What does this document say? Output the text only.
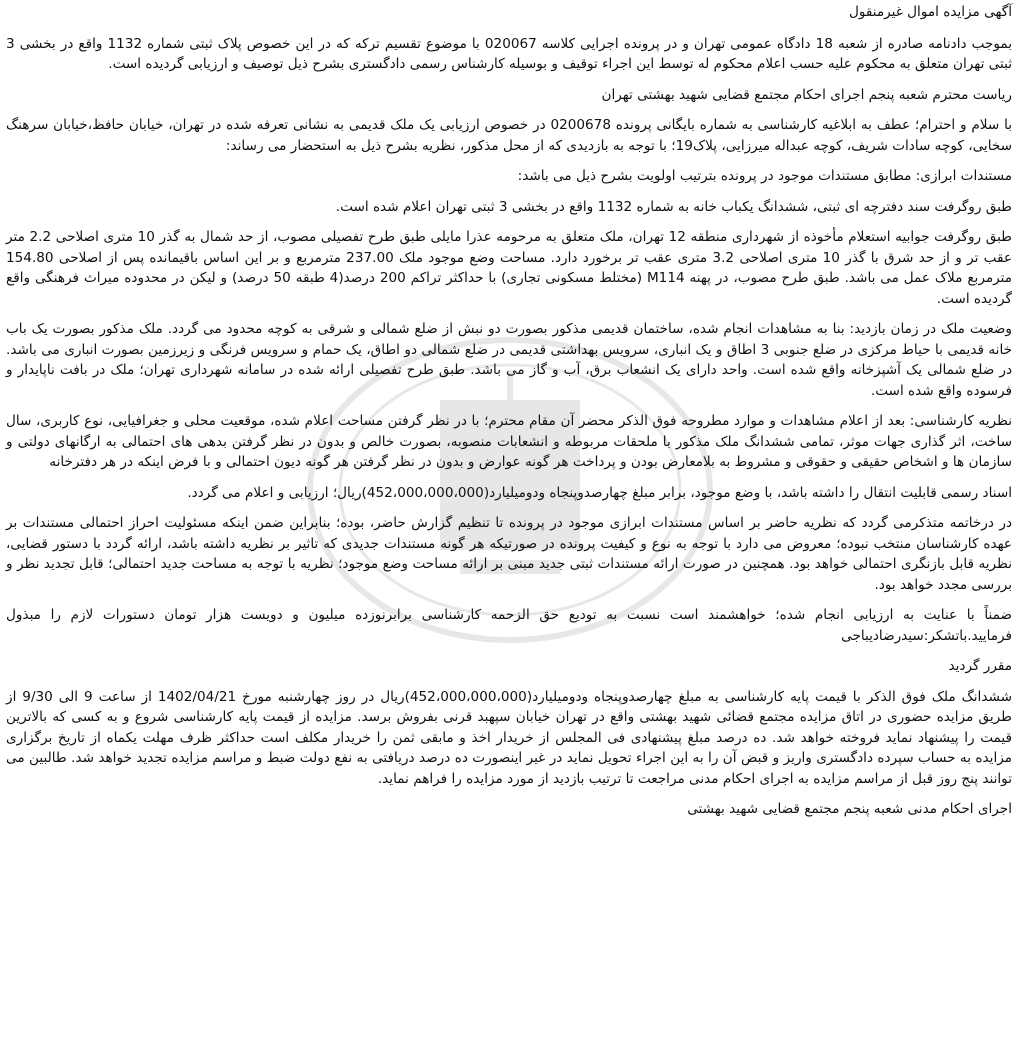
آگهی مزایده اموال غیرمنقول

بموجب دادنامه صادره از شعبه 18 دادگاه عمومی تهران و در پرونده اجرایی کلاسه 020067 با موضوع تقسیم ترکه که در این خصوص پلاک ثبتی شماره 1132 واقع در بخشی 3 ثبتی تهران متعلق به محکوم علیه حسب اعلام محکوم له توسط این اجراء توقیف و بوسیله کارشناس رسمی دادگستری بشرح ذیل توصیف و ارزیابی گردیده است.

ریاست محترم شعبه پنجم اجرای احکام مجتمع قضایی شهید بهشتی تهران

با سلام و احترام؛ عطف به ابلاغیه کارشناسی به شماره بایگانی پرونده 0200678 در خصوص ارزیابی یک ملک قدیمی به نشانی تعرفه شده در تهران، خیابان حافظ،خیابان سرهنگ سخایی، کوچه سادات شریف، کوچه عبداله میرزایی، پلاک19؛ با توجه به بازدیدی که از محل مذکور، نظریه بشرح ذیل به استحضار می رساند:

مستندات ابرازی: مطابق مستندات موجود در پرونده بترتیب اولویت بشرح ذیل می باشد:

طبق روگرفت سند دفترچه ای ثبتی، ششدانگ یکباب خانه به شماره 1132 واقع در بخشی 3 ثبتی تهران اعلام شده است.

طبق روگرفت جوابیه استعلام مأخوذه از شهرداری منطقه 12 تهران، ملک متعلق به مرحومه عذرا مایلی طبق طرح تفصیلی مصوب، از حد شمال به گذر 10 متری اصلاحی 2.2 متر عقب تر و از حد شرق با گذر 10 متری اصلاحی 3.2 متری عقب تر برخورد دارد. مساحت وضع موجود ملک 237.00 مترمربع و بر این اساس باقیمانده پس از اصلاحی 154.80 مترمربع ملاک عمل می باشد. طبق طرح مصوب، در پهنه M114 (مختلط مسکونی تجاری) با حداکثر تراکم 200 درصد(4 طبقه 50 درصد) و لیکن در محدوده میراث فرهنگی واقع گردیده است.

وضعیت ملک در زمان بازدید: بنا به مشاهدات انجام شده، ساختمان قدیمی مذکور بصورت دو نبش از ضلع شمالی و شرقی به کوچه محدود می گردد. ملک مذکور بصورت یک باب خانه قدیمی با حیاط مرکزی در ضلع جنوبی 3 اطاق و یک انباری، سرویس بهداشتی قدیمی در ضلع شمالی دو اطاق، یک حمام و سرویس فرنگی و زیرزمین بصورت انباری می باشد. در ضلع شمالی یک آشپزخانه واقع شده است. واحد دارای یک انشعاب برق، آب و گاز می باشد. طبق طرح تفصیلی ارائه شده در سامانه شهرداری تهران؛ ملک در بافت ناپایدار و فرسوده واقع شده است.

نظریه کارشناسی: بعد از اعلام مشاهدات و موارد مطروحه فوق الذکر محضر آن مقام محترم؛ با در نظر گرفتن مساحت اعلام شده، موقعیت محلی و جغرافیایی، نوع کاربری، سال ساخت، اثر گذاری جهات موثر، تمامی ششدانگ ملک مذکور با ملحقات مربوطه و انشعابات منصوبه، بصورت خالص و بدون در نظر گرفتن بدهی های احتمالی به ارگانهای دولتی و سازمان ها و اشخاص حقیقی و حقوقی و مشروط به بلامعارض بودن و پرداخت هر گونه عوارض و بدون در نظر گرفتن هر گونه دیون احتمالی و با فرض اینکه در هر دفترخانه

اسناد رسمی قابلیت انتقال را داشته باشد، با وضع موجود، برابر مبلغ چهارصدوپنجاه ودومیلیارد(452،000،000،000)ریال؛ ارزیابی و اعلام می گردد.

در درخاتمه متذکرمی گردد که نظریه حاضر بر اساس مستندات ابرازی موجود در پرونده تا تنظیم گزارش حاضر، بوده؛ بنابراین ضمن اینکه مسئولیت احراز احتمالی مستندات بر عهده کارشناسان منتخب نبوده؛ معروض می دارد با توجه به نوع و کیفیت پرونده در صورتیکه هر گونه مستندات جدیدی که تاثیر بر نظریه داشته باشد، ارائه گردد با دستور قضایی، نظریه قابل بازنگری احتمالی خواهد بود. همچنین در صورت ارائه مستندات ثبتی جدید مبنی بر ارائه مساحت وضع موجود؛ نظریه با توجه به مساحت جدید احتمالی؛ قابل تجدید نظر و بررسی مجدد خواهد بود.

ضمناً با عنایت به ارزیابی انجام شده؛ خواهشمند است نسبت به تودیع حق الزحمه کارشناسی برابرنوزده میلیون و دویست هزار تومان دستورات لازم را مبذول فرمایید.باتشکر:سیدرضادیباجی

مقرر گردید

ششدانگ ملک فوق الذکر با قیمت پایه کارشناسی به مبلغ چهارصدوپنجاه ودومیلیارد(452،000،000،000)ریال در روز چهارشنبه مورخ 1402/04/21 از ساعت 9 الی 9/30 از طریق مزایده حضوری در اتاق مزایده مجتمع قضائی شهید بهشتی واقع در تهران خیابان سپهبد قرنی بفروش برسد. مزایده از قیمت پایه کارشناسی شروع و به کسی که بالاترین قیمت را پیشنهاد نماید فروخته خواهد شد. ده درصد مبلغ پیشنهادی فی المجلس از خریدار اخذ و مابقی ثمن را خریدار مکلف است حداکثر ظرف مهلت یکماه از تاریخ برگزاری مزایده به حساب سپرده دادگستری واریز و قبض آن را به این اجراء تحویل نماید در غیر اینصورت ده درصد دریافتی به نفع دولت ضبط و مراسم مزایده تجدید خواهد شد. طالبین می توانند پنج روز قبل از مراسم مزایده به اجرای احکام مدنی مراجعت تا ترتیب بازدید از مورد مزایده را فراهم نماید.

اجرای احکام مدنی شعبه پنجم مجتمع قضایی شهید بهشتی
